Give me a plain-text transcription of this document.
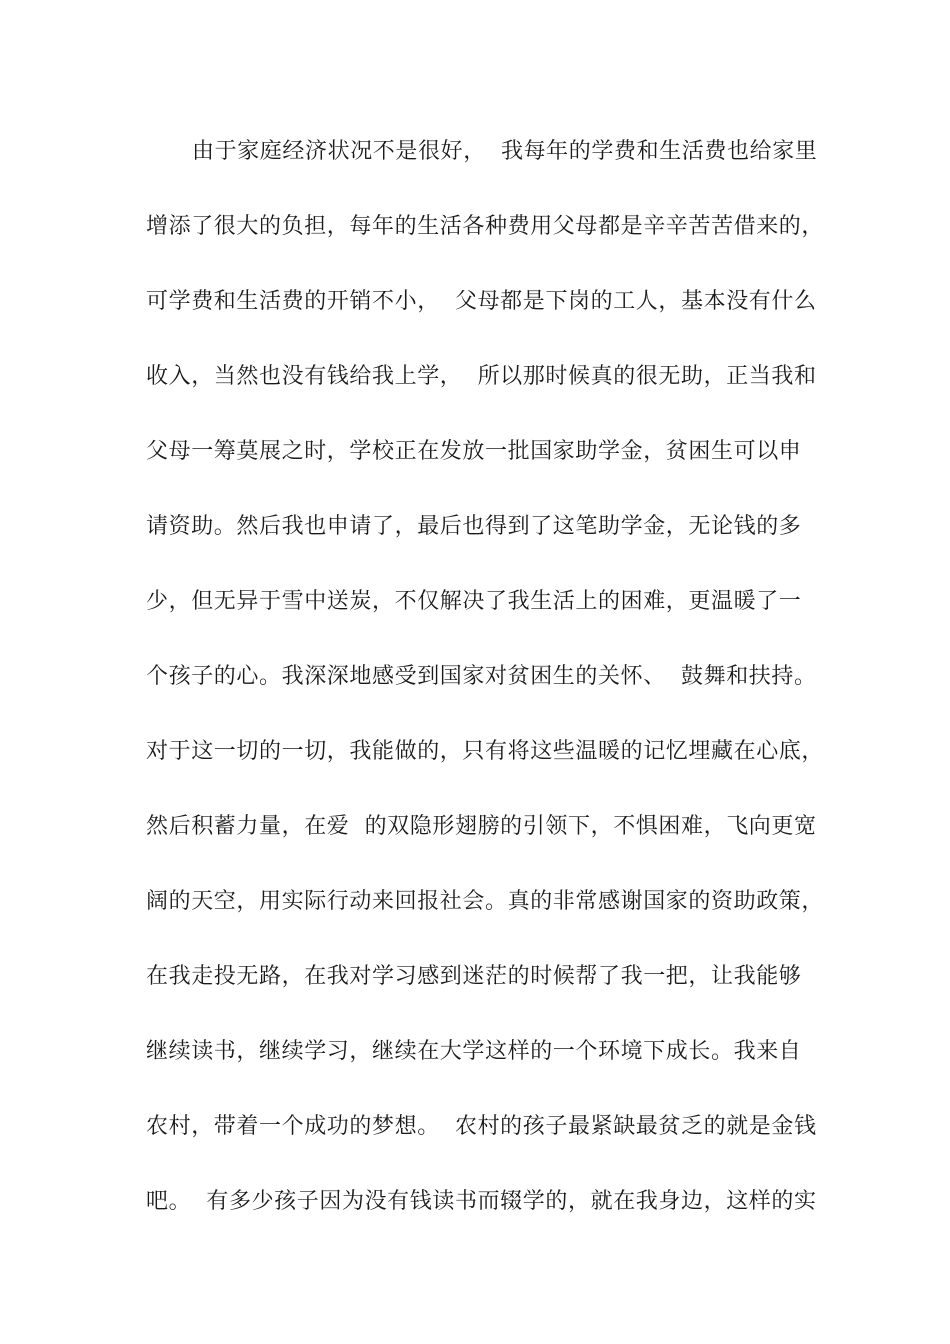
由于家庭经济状况不是很好，  我每年的学费和生活费也给家里
增添了很大的负担，每年的生活各种费用父母都是辛辛苦苦借来的，
可学费和生活费的开销不小，  父母都是下岗的工人，基本没有什么
收入，当然也没有钱给我上学，  所以那时候真的很无助，正当我和
父母一筹莫展之时，学校正在发放一批国家助学金，贫困生可以申
请资助。然后我也申请了，最后也得到了这笔助学金，无论钱的多
少，但无异于雪中送炭，不仅解决了我生活上的困难，更温暖了一
个孩子的心。我深深地感受到国家对贫困生的关怀、  鼓舞和扶持。
对于这一切的一切，我能做的，只有将这些温暖的记忆埋藏在心底，
然后积蓄力量，在爱  的双隐形翅膀的引领下，不惧困难，飞向更宽
阔的天空，用实际行动来回报社会。真的非常感谢国家的资助政策，
在我走投无路，在我对学习感到迷茫的时候帮了我一把，让我能够
继续读书，继续学习，继续在大学这样的一个环境下成长。我来自
农村，带着一个成功的梦想。  农村的孩子最紧缺最贫乏的就是金钱
吧。  有多少孩子因为没有钱读书而辍学的，就在我身边，这样的实
